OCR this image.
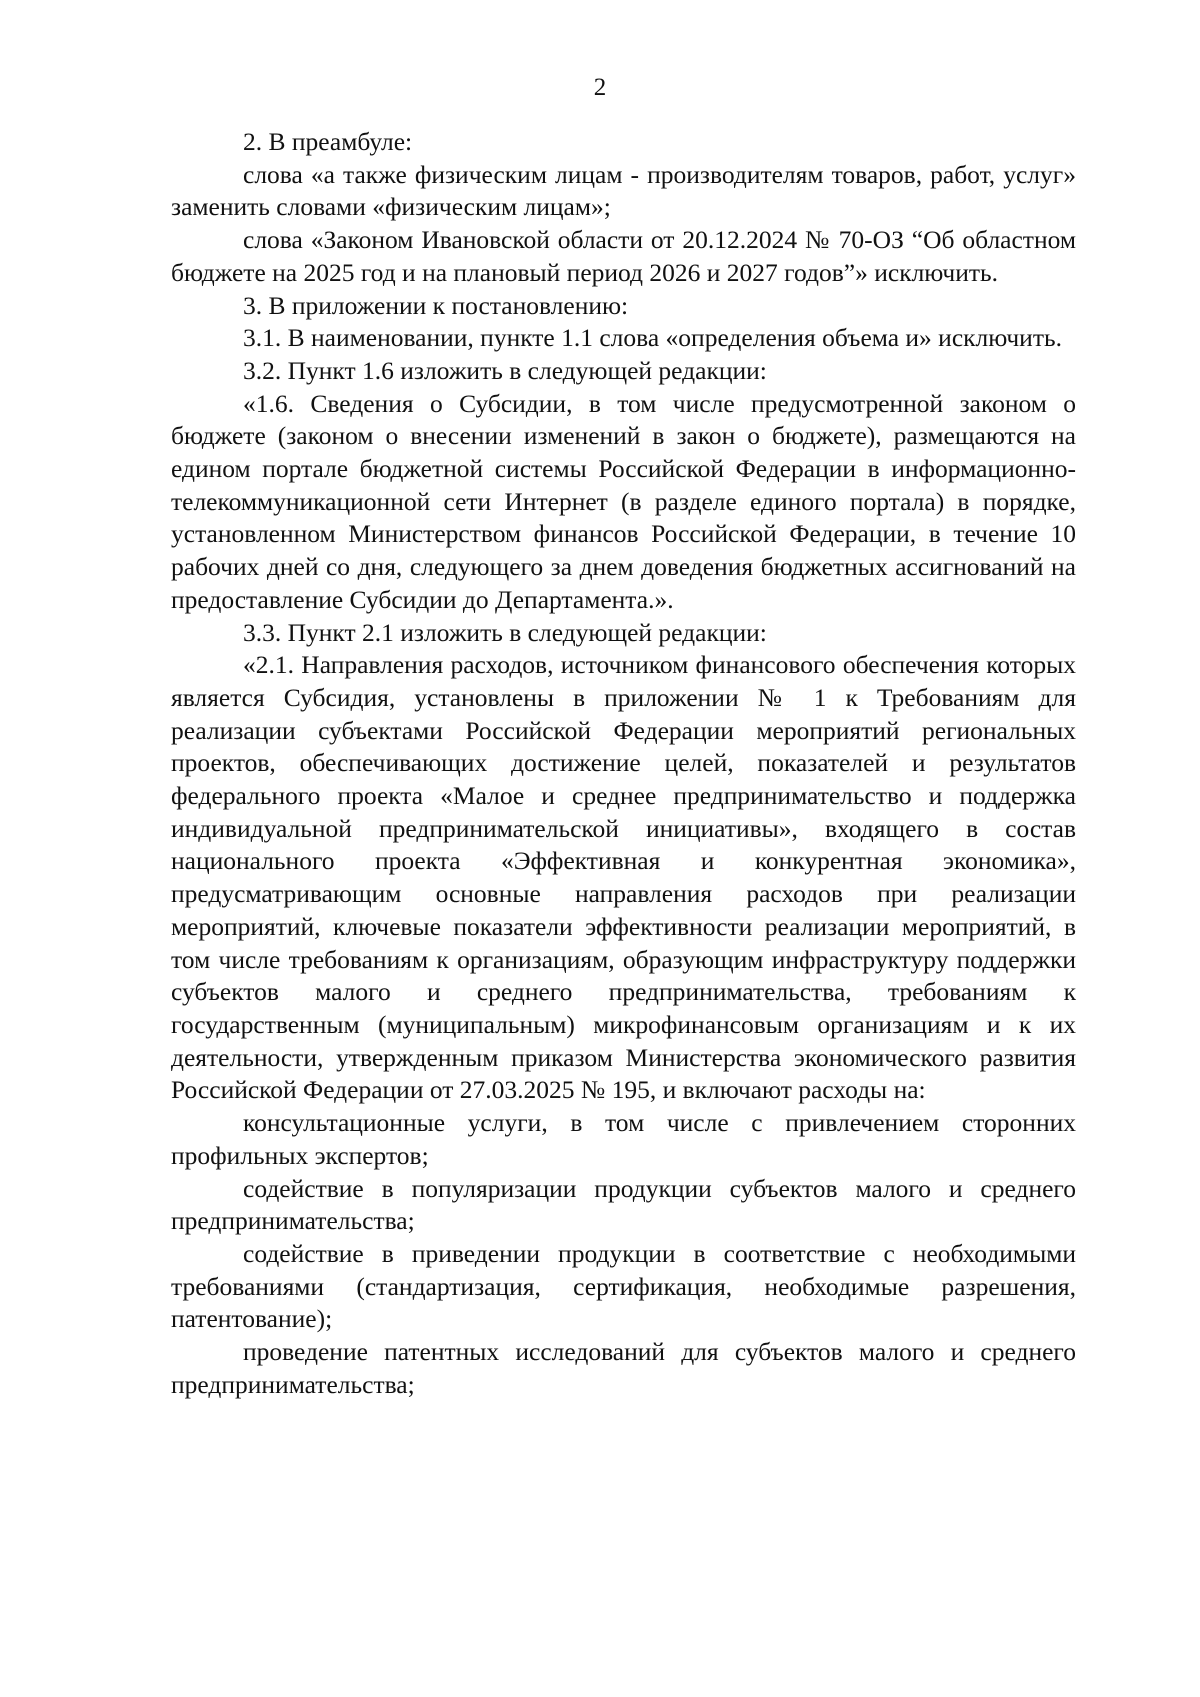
2

2. В преамбуле:

слова «а также физическим лицам - производителям товаров, работ, услуг» заменить словами «физическим лицам»;

слова «Законом Ивановской области от 20.12.2024 № 70-ОЗ “Об областном бюджете на 2025 год и на плановый период 2026 и 2027 годов”» исключить.

3. В приложении к постановлению:

3.1. В наименовании, пункте 1.1 слова «определения объема и» исключить.

3.2. Пункт 1.6 изложить в следующей редакции:

«1.6. Сведения о Субсидии, в том числе предусмотренной законом о бюджете (законом о внесении изменений в закон о бюджете), размещаются на едином портале бюджетной системы Российской Федерации в информационно-телекоммуникационной сети Интернет (в разделе единого портала) в порядке, установленном Министерством финансов Российской Федерации, в течение 10 рабочих дней со дня, следующего за днем доведения бюджетных ассигнований на предоставление Субсидии до Департамента.».

3.3. Пункт 2.1 изложить в следующей редакции:

«2.1. Направления расходов, источником финансового обеспечения которых является Субсидия, установлены в приложении № 1 к Требованиям для реализации субъектами Российской Федерации мероприятий региональных проектов, обеспечивающих достижение целей, показателей и результатов федерального проекта «Малое и среднее предпринимательство и поддержка индивидуальной предпринимательской инициативы», входящего в состав национального проекта «Эффективная и конкурентная экономика», предусматривающим основные направления расходов при реализации мероприятий, ключевые показатели эффективности реализации мероприятий, в том числе требованиям к организациям, образующим инфраструктуру поддержки субъектов малого и среднего предпринимательства, требованиям к государственным (муниципальным) микрофинансовым организациям и к их деятельности, утвержденным приказом Министерства экономического развития Российской Федерации от 27.03.2025 № 195, и включают расходы на:

консультационные услуги, в том числе с привлечением сторонних профильных экспертов;

содействие в популяризации продукции субъектов малого и среднего предпринимательства;

содействие в приведении продукции в соответствие с необходимыми требованиями (стандартизация, сертификация, необходимые разрешения, патентование);

проведение патентных исследований для субъектов малого и среднего предпринимательства;
